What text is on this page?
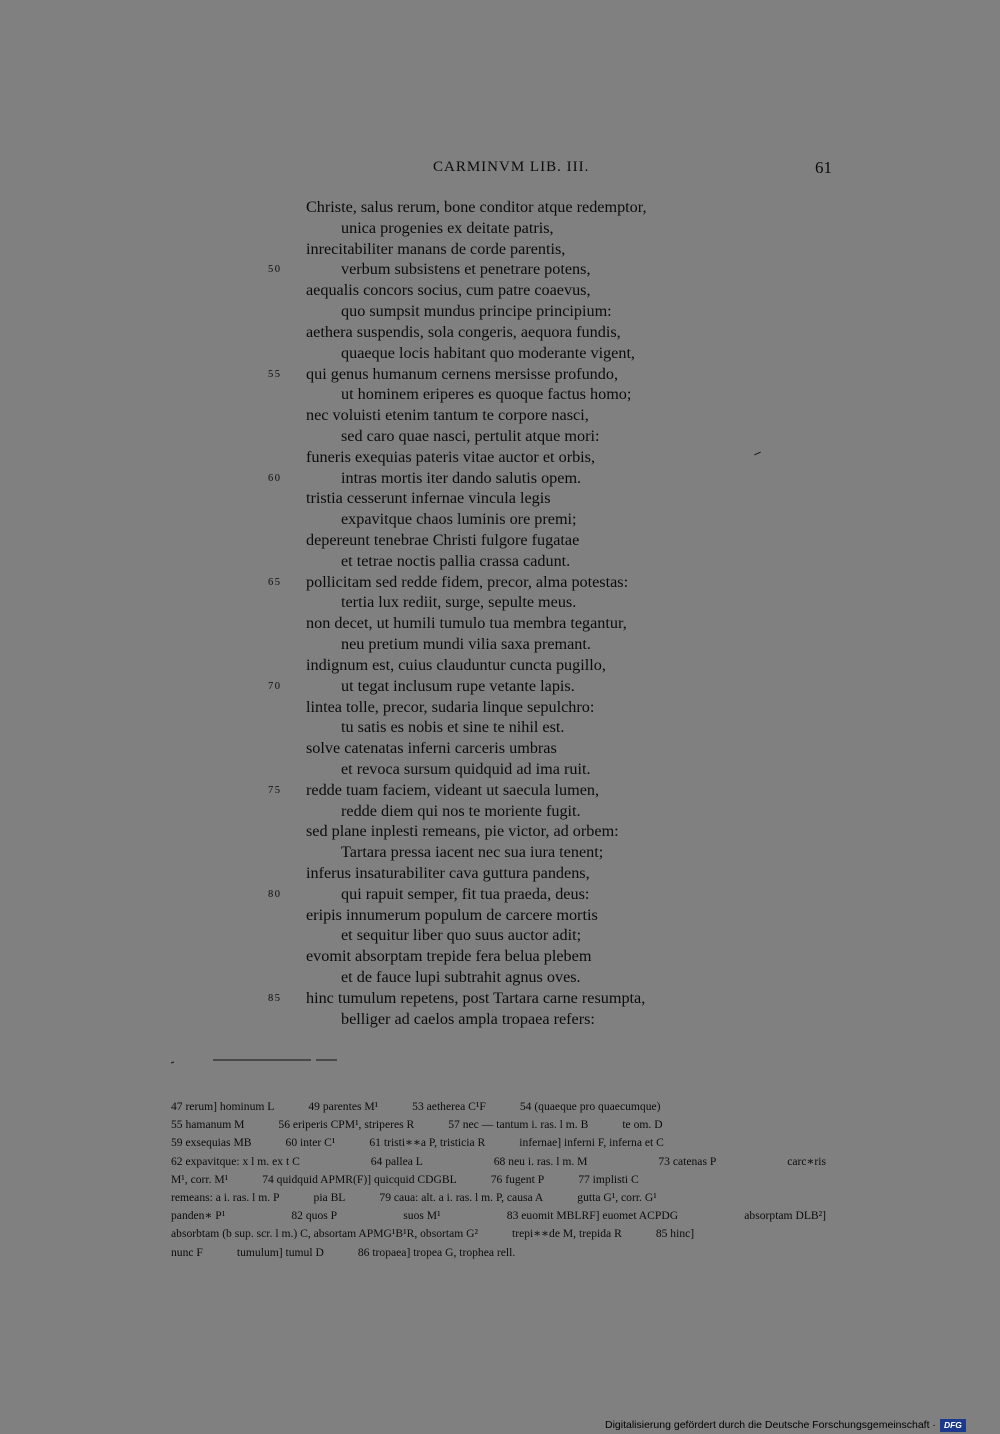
CARMINVM LIB. III.	61
Christe, salus rerum, bone conditor atque redemptor,
unica progenies ex deitate patris,
inrecitabiliter manans de corde parentis,
50	verbum subsistens et penetrare potens,
aequalis concors socius, cum patre coaevus,
quo sumpsit mundus principe principium:
aethera suspendis, sola congeris, aequora fundis,
quaeque locis habitant quo moderante vigent,
55 qui genus humanum cernens mersisse profundo,
ut hominem eriperes es quoque factus homo;
nec voluisti etenim tantum te corpore nasci,
sed caro quae nasci, pertulit atque mori:
funeris exequias pateris vitae auctor et orbis,
60	intras mortis iter dando salutis opem.
tristia cesserunt infernae vincula legis
expavitque chaos luminis ore premi;
depereunt tenebrae Christi fulgore fugatae
et tetrae noctis pallia crassa cadunt.
65 pollicitam sed redde fidem, precor, alma potestas:
tertia lux rediit, surge, sepulte meus.
non decet, ut humili tumulo tua membra tegantur,
neu pretium mundi vilia saxa premant.
indignum est, cuius clauduntur cuncta pugillo,
70	ut tegat inclusum rupe vetante lapis.
lintea tolle, precor, sudaria linque sepulchro:
tu satis es nobis et sine te nihil est.
solve catenatas inferni carceris umbras
et revoca sursum quidquid ad ima ruit.
75 redde tuam faciem, videant ut saecula lumen,
redde diem qui nos te moriente fugit.
sed plane inplesti remeans, pie victor, ad orbem:
Tartara pressa iacent nec sua iura tenent;
inferus insaturabiliter cava guttura pandens,
80	qui rapuit semper, fit tua praeda, deus:
eripis innumerum populum de carcere mortis
et sequitur liber quo suus auctor adit;
evomit absorptam trepide fera belua plebem
et de fauce lupi subtrahit agnus oves.
85 hinc tumulum repetens, post Tartara carne resumpta,
belliger ad caelos ampla tropaea refers:
47 rerum] hominum L	49 parentes M¹	53 aetherea C¹F	54 (quaeque pro quaecumque)
55 hamanum M	56 eriperis CPM¹, striperes R	57 nec — tantum i. ras. l m. B	te om. D
59 exsequias MB	60 inter C¹	61 tristi∗∗a P, tristicia R	infernae] inferni F, inferna et C
62 expavitque: x l m. ex t C	64 pallea L	68 neu i. ras. l m. M	73 catenas P	carc∗ris
M¹, corr. M¹	74 quidquid APMR(F)] quicquid CDGBL	76 fugent P	77 implisti C
remeans: a i. ras. l m. P	pia BL	79 caua: alt. a i. ras. l m. P, causa A	gutta G¹, corr. G¹
panden∗ P¹	82 quos P	suos M¹	83 euomit MBLRF] euomet ACPDG	absorptam DLB²]
absorbtam (b sup. scr. l m.) C, absortam APMG¹B¹R, obsortam G²	trepi∗∗de M, trepida R	85 hinc]
nunc F	tumulum] tumul D	86 tropaea] tropea G, trophea rell.
Digitalisierung gefördert durch die Deutsche Forschungsgemeinschaft · DFG
